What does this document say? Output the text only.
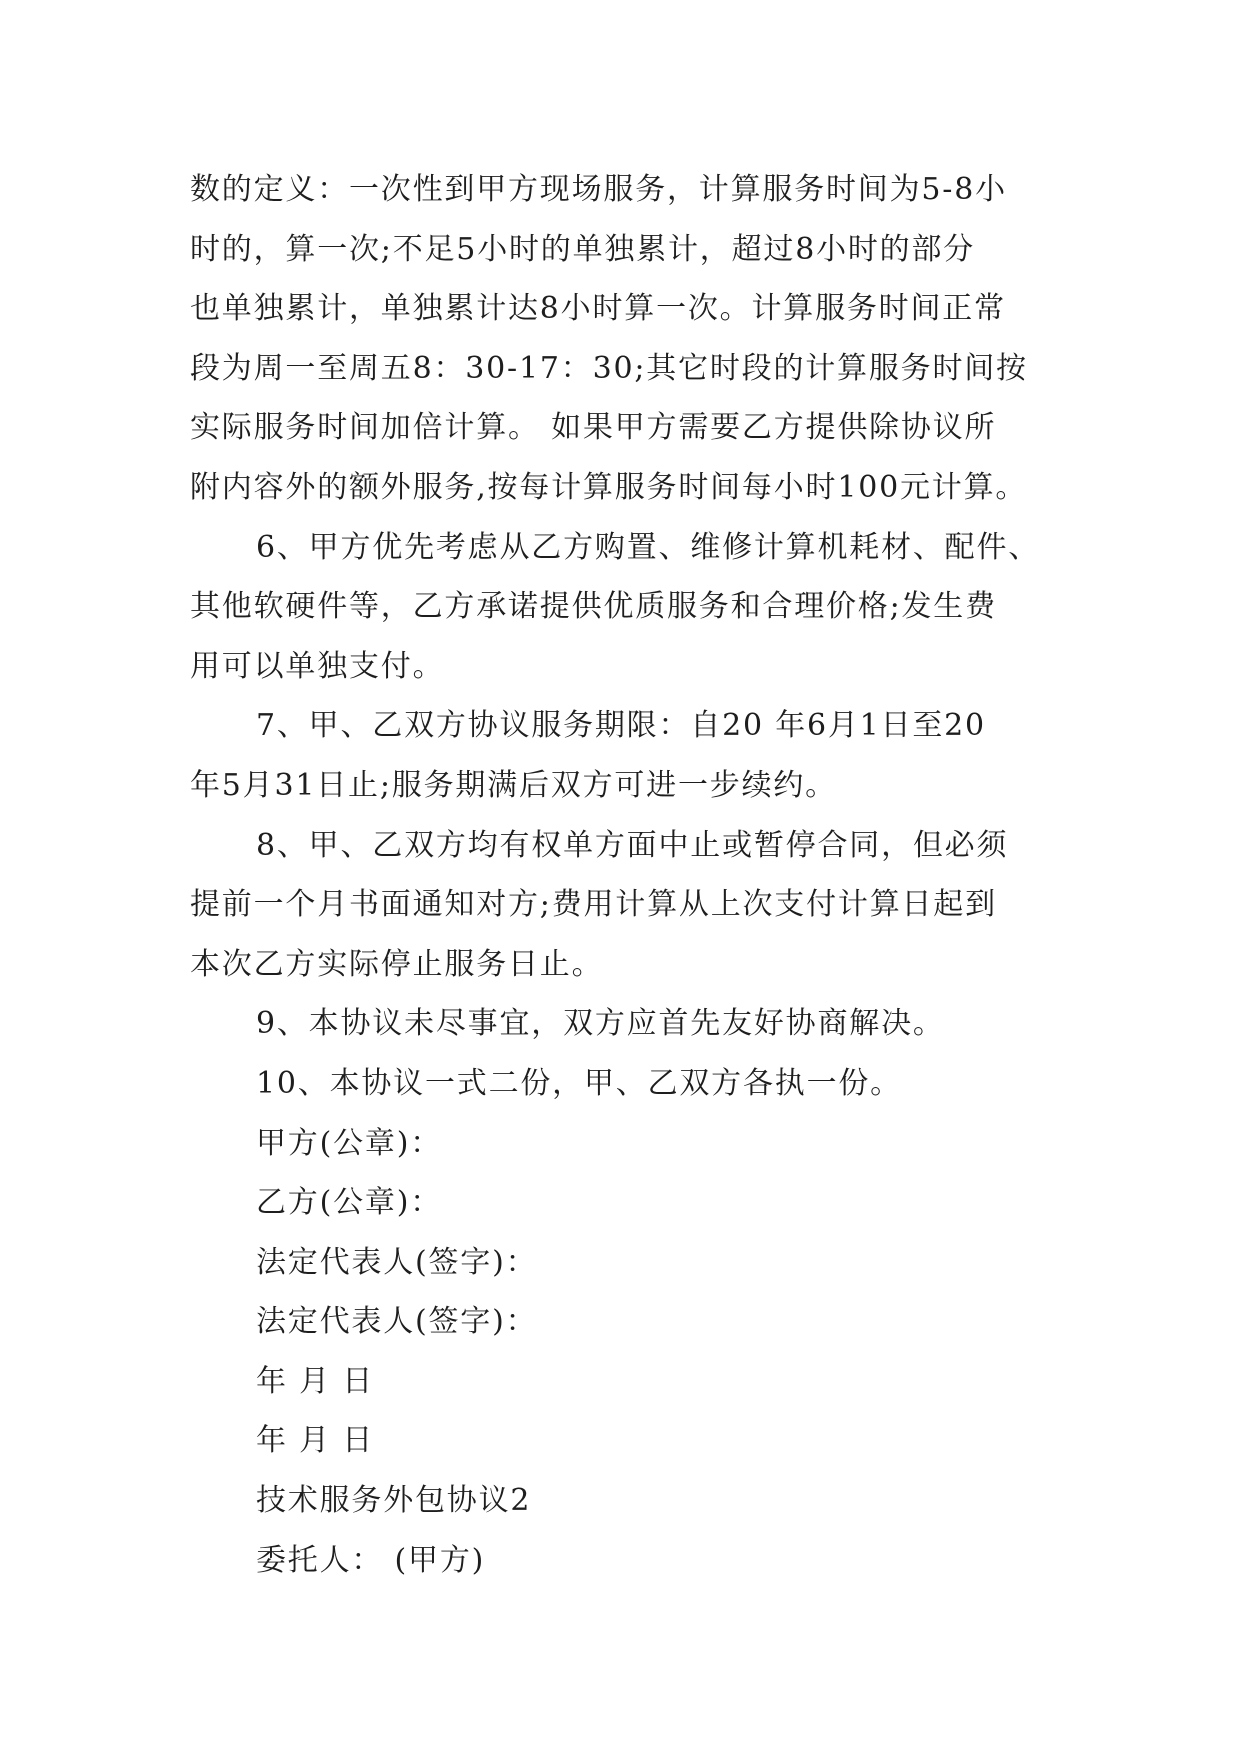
数的定义：一次性到甲方现场服务，计算服务时间为5-8小
时的，算一次;不足5小时的单独累计，超过8小时的部分
也单独累计，单独累计达8小时算一次。计算服务时间正常
段为周一至周五8：30-17：30;其它时段的计算服务时间按
实际服务时间加倍计算。 如果甲方需要乙方提供除协议所
附内容外的额外服务,按每计算服务时间每小时100元计算。
6、甲方优先考虑从乙方购置、维修计算机耗材、配件、
其他软硬件等，乙方承诺提供优质服务和合理价格;发生费
用可以单独支付。
7、甲、乙双方协议服务期限：自20 年6月1日至20
年5月31日止;服务期满后双方可进一步续约。
8、甲、乙双方均有权单方面中止或暂停合同，但必须
提前一个月书面通知对方;费用计算从上次支付计算日起到
本次乙方实际停止服务日止。
9、本协议未尽事宜，双方应首先友好协商解决。
10、本协议一式二份，甲、乙双方各执一份。
甲方(公章)：
乙方(公章)：
法定代表人(签字)：
法定代表人(签字)：
年 月 日
年 月 日
技术服务外包协议2
委托人： (甲方)
